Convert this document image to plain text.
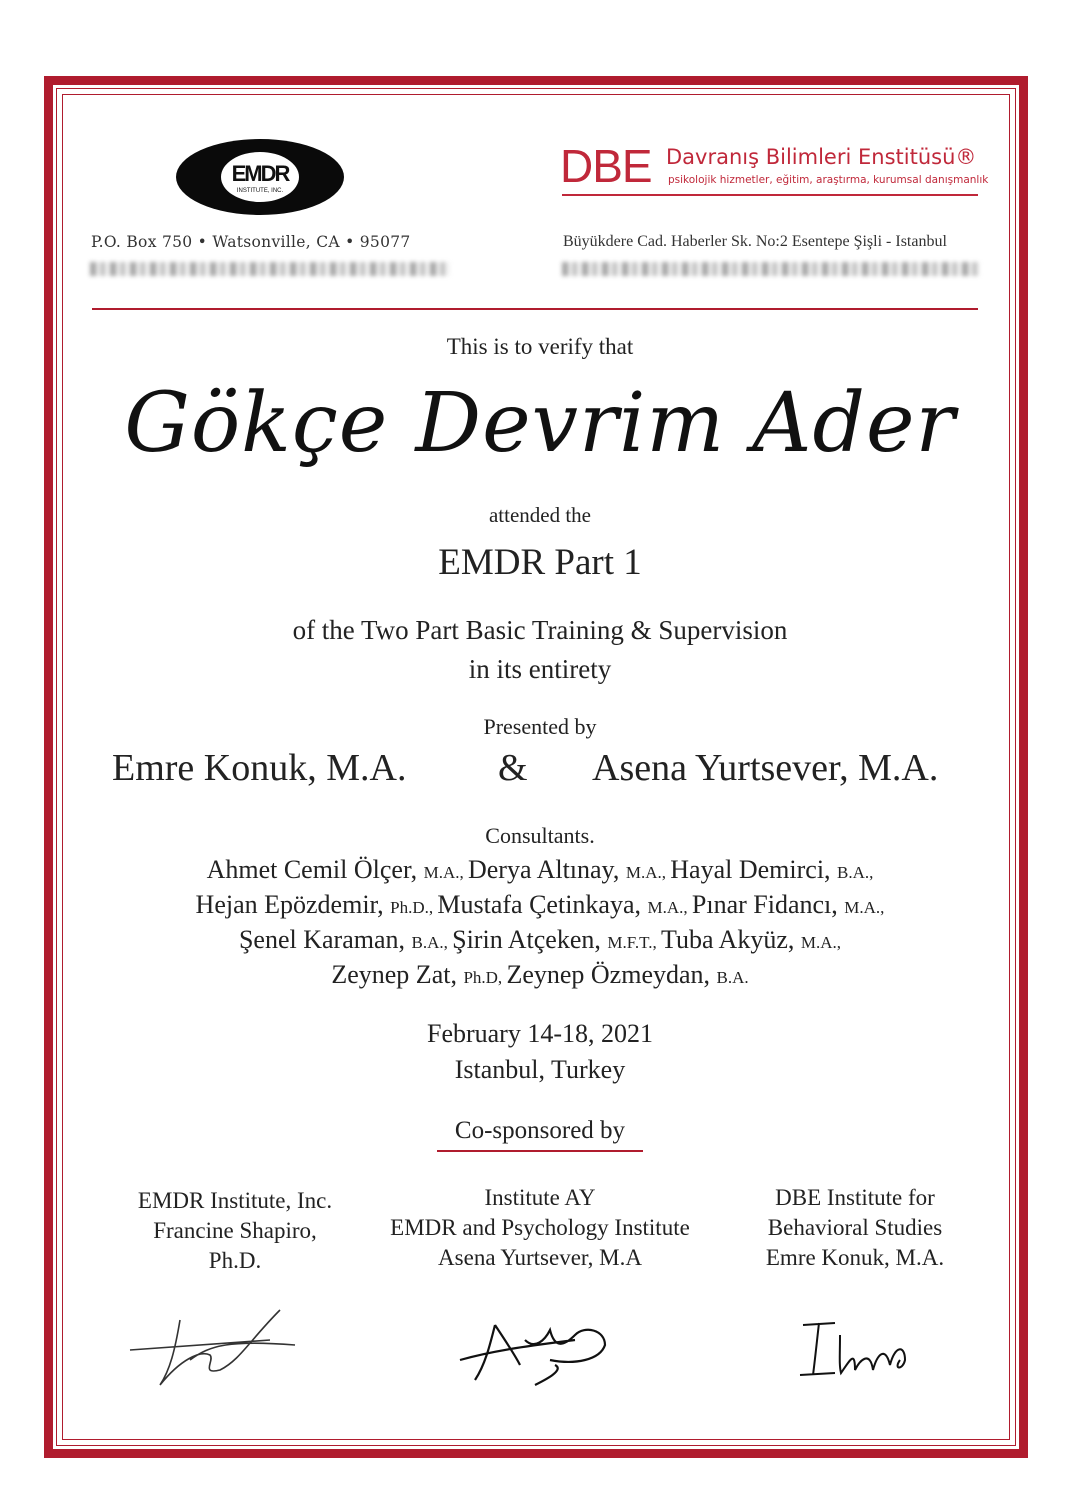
EMDR
INSTITUTE, INC.	DBE Davranış Bilimleri Enstitüsü®
psikolojik hizmetler, eğitim, araştırma, kurumsal danışmanlık
P.O. Box 750 • Watsonville, CA • 95077	Büyükdere Cad. Haberler Sk. No:2 Esentepe Şişli - Istanbul
This is to verify that
Gökçe Devrim Ader
attended the
EMDR Part 1
of the Two Part Basic Training & Supervision
in its entirety
Presented by
Emre Konuk, M.A. & Asena Yurtsever, M.A.
Consultants.
Ahmet Cemil Ölçer, M.A., Derya Altınay, M.A., Hayal Demirci, B.A.,
Hejan Epözdemir, Ph.D., Mustafa Çetinkaya, M.A., Pınar Fidancı, M.A.,
Şenel Karaman, B.A., Şirin Atçeken, M.F.T., Tuba Akyüz, M.A.,
Zeynep Zat, Ph.D, Zeynep Özmeydan, B.A.
February 14-18, 2021
Istanbul, Turkey
Co-sponsored by
EMDR Institute, Inc.
Francine Shapiro,
Ph.D.
Institute AY
EMDR and Psychology Institute
Asena Yurtsever, M.A
DBE Institute for
Behavioral Studies
Emre Konuk, M.A.
